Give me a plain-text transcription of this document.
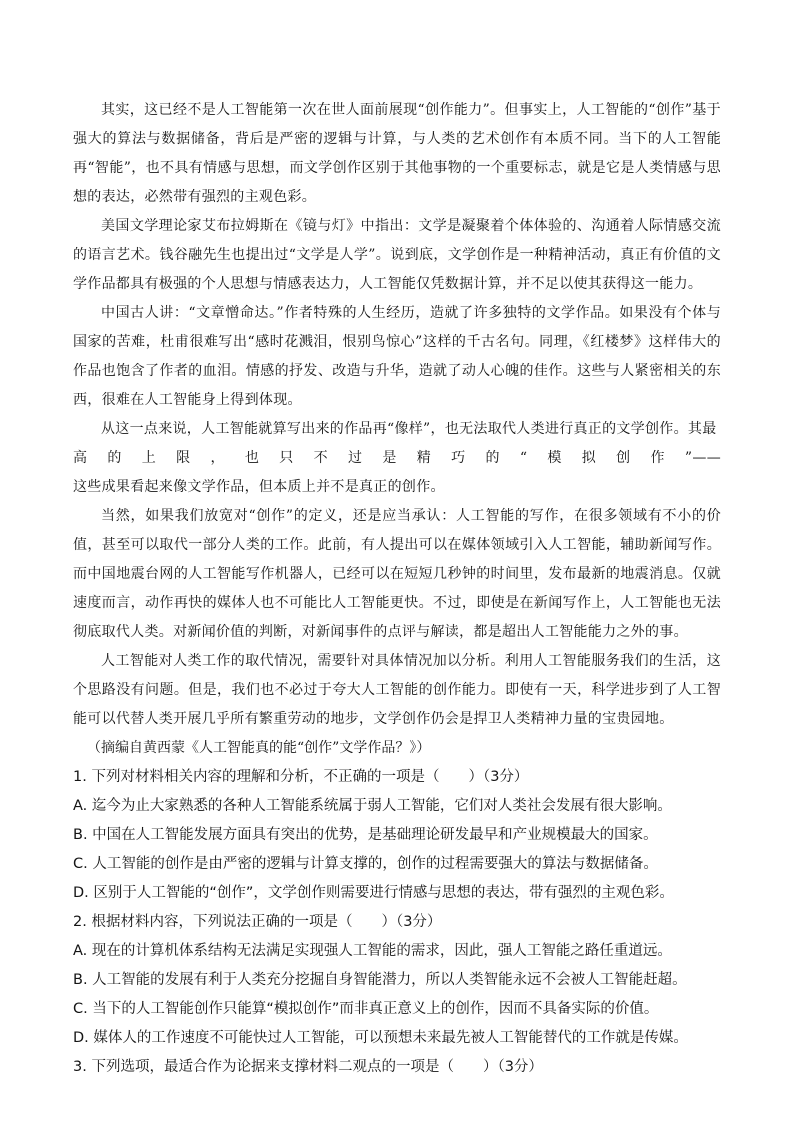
其实，这已经不是人工智能第一次在世人面前展现“创作能力”。但事实上，人工智能的“创作”基于强大的算法与数据储备，背后是严密的逻辑与计算，与人类的艺术创作有本质不同。当下的人工智能再“智能”，也不具有情感与思想，而文学创作区别于其他事物的一个重要标志，就是它是人类情感与思想的表达，必然带有强烈的主观色彩。

美国文学理论家艾布拉姆斯在《镜与灯》中指出：文学是凝聚着个体体验的、沟通着人际情感交流的语言艺术。钱谷融先生也提出过“文学是人学”。说到底，文学创作是一种精神活动，真正有价值的文学作品都具有极强的个人思想与情感表达力，人工智能仅凭数据计算，并不足以使其获得这一能力。

中国古人讲：“文章憎命达。”作者特殊的人生经历，造就了许多独特的文学作品。如果没有个体与国家的苦难，杜甫很难写出“感时花溅泪，恨别鸟惊心”这样的千古名句。同理，《红楼梦》这样伟大的作品也饱含了作者的血泪。情感的抒发、改造与升华，造就了动人心魄的佳作。这些与人紧密相关的东西，很难在人工智能身上得到体现。

从这一点来说，人工智能就算写出来的作品再“像样”，也无法取代人类进行真正的文学创作。其最

高的上限，也只不过是精巧的“模拟创作”——

这些成果看起来像文学作品，但本质上并不是真正的创作。

当然，如果我们放宽对“创作”的定义，还是应当承认：人工智能的写作，在很多领域有不小的价值，甚至可以取代一部分人类的工作。此前，有人提出可以在媒体领域引入人工智能，辅助新闻写作。而中国地震台网的人工智能写作机器人，已经可以在短短几秒钟的时间里，发布最新的地震消息。仅就速度而言，动作再快的媒体人也不可能比人工智能更快。不过，即使是在新闻写作上，人工智能也无法彻底取代人类。对新闻价值的判断，对新闻事件的点评与解读，都是超出人工智能能力之外的事。

人工智能对人类工作的取代情况，需要针对具体情况加以分析。利用人工智能服务我们的生活，这个思路没有问题。但是，我们也不必过于夸大人工智能的创作能力。即使有一天，科学进步到了人工智能可以代替人类开展几乎所有繁重劳动的地步，文学创作仍会是捍卫人类精神力量的宝贵园地。

（摘编自黄西蒙《人工智能真的能“创作”文学作品？》）

1. 下列对材料相关内容的理解和分析，不正确的一项是（　　）（3分）

A. 迄今为止大家熟悉的各种人工智能系统属于弱人工智能，它们对人类社会发展有很大影响。

B. 中国在人工智能发展方面具有突出的优势，是基础理论研发最早和产业规模最大的国家。

C. 人工智能的创作是由严密的逻辑与计算支撑的，创作的过程需要强大的算法与数据储备。

D. 区别于人工智能的“创作”，文学创作则需要进行情感与思想的表达，带有强烈的主观色彩。

2. 根据材料内容，下列说法正确的一项是（　　）（3分）

A. 现在的计算机体系结构无法满足实现强人工智能的需求，因此，强人工智能之路任重道远。

B. 人工智能的发展有利于人类充分挖掘自身智能潜力，所以人类智能永远不会被人工智能赶超。

C. 当下的人工智能创作只能算“模拟创作”而非真正意义上的创作，因而不具备实际的价值。

D. 媒体人的工作速度不可能快过人工智能，可以预想未来最先被人工智能替代的工作就是传媒。

3. 下列选项，最适合作为论据来支撑材料二观点的一项是（　　）（3分）
